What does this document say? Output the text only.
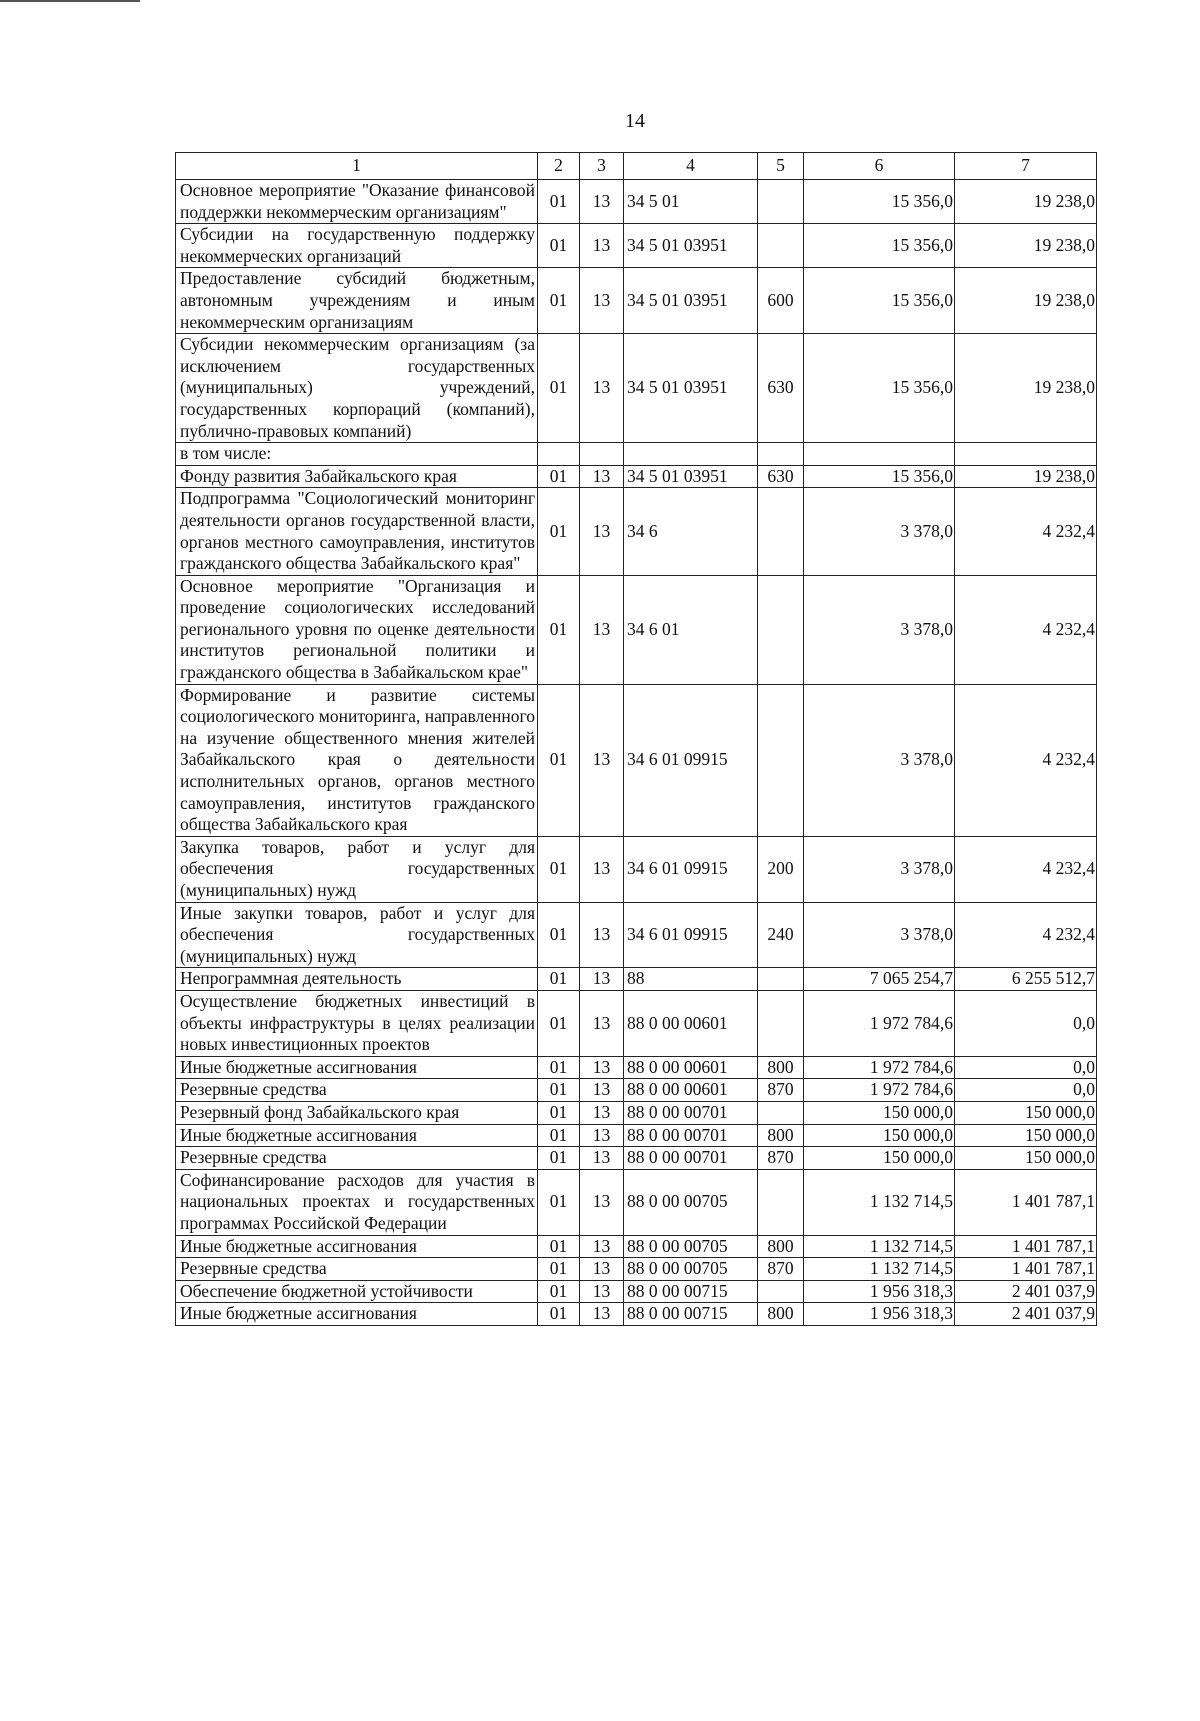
14
1	2	3	4	5	6	7
Основное мероприятие "Оказание финансовой поддержки некоммерческим организациям"	01	13	34 5 01		15 356,0	19 238,0
Субсидии на государственную поддержку некоммерческих организаций	01	13	34 5 01 03951		15 356,0	19 238,0
Предоставление субсидий бюджетным, автономным учреждениям и иным некоммерческим организациям	01	13	34 5 01 03951	600	15 356,0	19 238,0
Субсидии некоммерческим организациям (за исключением государственных (муниципальных) учреждений, государственных корпораций (компаний), публично-правовых компаний)	01	13	34 5 01 03951	630	15 356,0	19 238,0
в том числе:						
Фонду развития Забайкальского края	01	13	34 5 01 03951	630	15 356,0	19 238,0
Подпрограмма "Социологический мониторинг деятельности органов государственной власти, органов местного самоуправления, институтов гражданского общества Забайкальского края"	01	13	34 6		3 378,0	4 232,4
Основное мероприятие "Организация и проведение социологических исследований регионального уровня по оценке деятельности институтов региональной политики и гражданского общества в Забайкальском крае"	01	13	34 6 01		3 378,0	4 232,4
Формирование и развитие системы социологического мониторинга, направленного на изучение общественного мнения жителей Забайкальского края о деятельности исполнительных органов, органов местного самоуправления, институтов гражданского общества Забайкальского края	01	13	34 6 01 09915		3 378,0	4 232,4
Закупка товаров, работ и услуг для обеспечения государственных (муниципальных) нужд	01	13	34 6 01 09915	200	3 378,0	4 232,4
Иные закупки товаров, работ и услуг для обеспечения государственных (муниципальных) нужд	01	13	34 6 01 09915	240	3 378,0	4 232,4
Непрограммная деятельность	01	13	88		7 065 254,7	6 255 512,7
Осуществление бюджетных инвестиций в объекты инфраструктуры в целях реализации новых инвестиционных проектов	01	13	88 0 00 00601		1 972 784,6	0,0
Иные бюджетные ассигнования	01	13	88 0 00 00601	800	1 972 784,6	0,0
Резервные средства	01	13	88 0 00 00601	870	1 972 784,6	0,0
Резервный фонд Забайкальского края	01	13	88 0 00 00701		150 000,0	150 000,0
Иные бюджетные ассигнования	01	13	88 0 00 00701	800	150 000,0	150 000,0
Резервные средства	01	13	88 0 00 00701	870	150 000,0	150 000,0
Софинансирование расходов для участия в национальных проектах и государственных программах Российской Федерации	01	13	88 0 00 00705		1 132 714,5	1 401 787,1
Иные бюджетные ассигнования	01	13	88 0 00 00705	800	1 132 714,5	1 401 787,1
Резервные средства	01	13	88 0 00 00705	870	1 132 714,5	1 401 787,1
Обеспечение бюджетной устойчивости	01	13	88 0 00 00715		1 956 318,3	2 401 037,9
Иные бюджетные ассигнования	01	13	88 0 00 00715	800	1 956 318,3	2 401 037,9
